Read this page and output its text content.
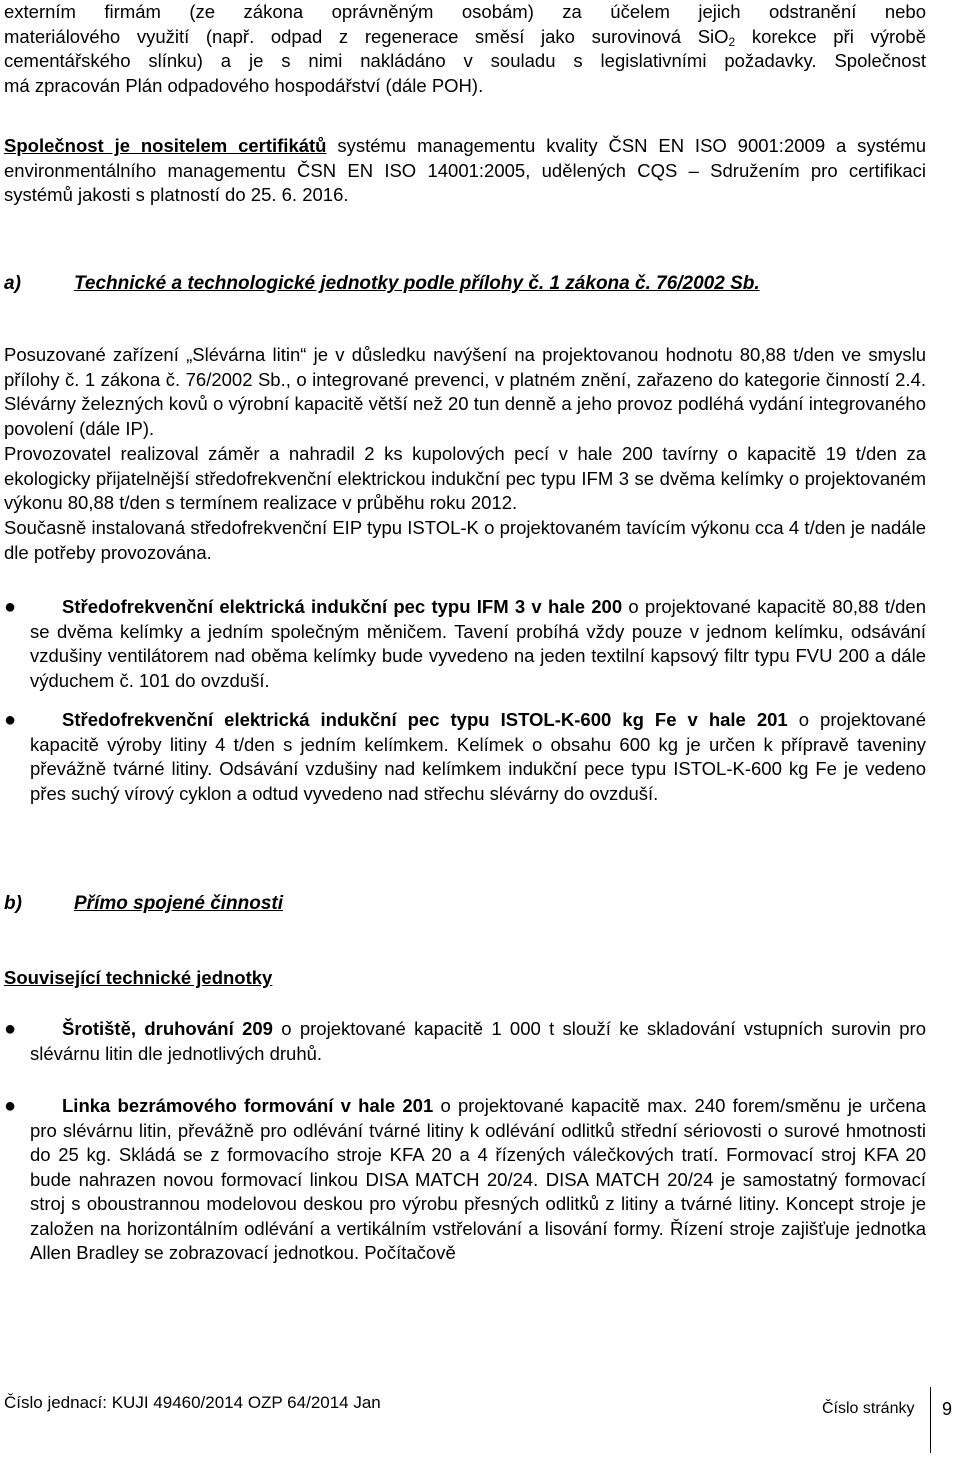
externím firmám (ze zákona oprávněným osobám) za účelem jejich odstranění nebo

materiálového využití (např. odpad z regenerace směsí jako surovinová SiO$_2$ korekce při výrobě

cementářského slínku) a je s nimi nakládáno v souladu s legislativními požadavky. Společnost

má zpracován Plán odpadového hospodářství (dále POH).

Společnost je nositelem certifikátů systému managementu kvality ČSN EN ISO 9001:2009 a systému environmentálního managementu ČSN EN ISO 14001:2005, udělených CQS – Sdružením pro certifikaci systémů jakosti s platností do 25. 6. 2016.

a)	Technické a technologické jednotky podle přílohy č. 1 zákona č. 76/2002 Sb.

Posuzované zařízení „Slévárna litin“ je v důsledku navýšení na projektovanou hodnotu 80,88 t/den ve smyslu přílohy č. 1 zákona č. 76/2002 Sb., o integrované prevenci, v platném znění, zařazeno do kategorie činností 2.4. Slévárny železných kovů o výrobní kapacitě větší než 20 tun denně a jeho provoz podléhá vydání integrovaného povolení (dále IP).

Provozovatel realizoval záměr a nahradil 2 ks kupolových pecí v hale 200 tavírny o kapacitě 19 t/den za ekologicky přijatelnější středofrekvenční elektrickou indukční pec typu IFM 3 se dvěma kelímky o projektovaném výkonu 80,88 t/den s termínem realizace v průběhu roku 2012.

Současně instalovaná středofrekvenční EIP typu ISTOL-K o projektovaném tavícím výkonu cca 4 t/den je nadále dle potřeby provozována.

●	Středofrekvenční elektrická indukční pec typu IFM 3 v hale 200 o projektované kapacitě 80,88 t/den se dvěma kelímky a jedním společným měničem. Tavení probíhá vždy pouze v jednom kelímku, odsávání vzdušiny ventilátorem nad oběma kelímky bude vyvedeno na jeden textilní kapsový filtr typu FVU 200 a dále výduchem č. 101 do ovzduší.
●	Středofrekvenční elektrická indukční pec typu ISTOL-K-600 kg Fe v hale 201 o projektované kapacitě výroby litiny 4 t/den s jedním kelímkem. Kelímek o obsahu 600 kg je určen k přípravě taveniny převážně tvárné litiny. Odsávání vzdušiny nad kelímkem indukční pece typu ISTOL-K-600 kg Fe je vedeno přes suchý vírový cyklon a odtud vyvedeno nad střechu slévárny do ovzduší.
b)	Přímo spojené činnosti

Související technické jednotky

●	Šrotiště, druhování 209 o projektované kapacitě 1 000 t slouží ke skladování vstupních surovin pro slévárnu litin dle jednotlivých druhů.
●	Linka bezrámového formování v hale 201 o projektované kapacitě max. 240 forem/směnu je určena pro slévárnu litin, převážně pro odlévání tvárné litiny k odlévání odlitků střední sériovosti o surové hmotnosti do 25 kg. Skládá se z formovacího stroje KFA 20 a 4 řízených válečkových tratí. Formovací stroj KFA 20 bude nahrazen novou formovací linkou DISA MATCH 20/24. DISA MATCH 20/24 je samostatný formovací stroj s oboustrannou modelovou deskou pro výrobu přesných odlitků z litiny a tvárné litiny. Koncept stroje je založen na horizontálním odlévání a vertikálním vstřelování a lisování formy. Řízení stroje zajišťuje jednotka Allen Bradley se zobrazovací jednotkou. Počítačově
Číslo jednací: KUJI 49460/2014 OZP 64/2014 Jan	Číslo stránky 9
